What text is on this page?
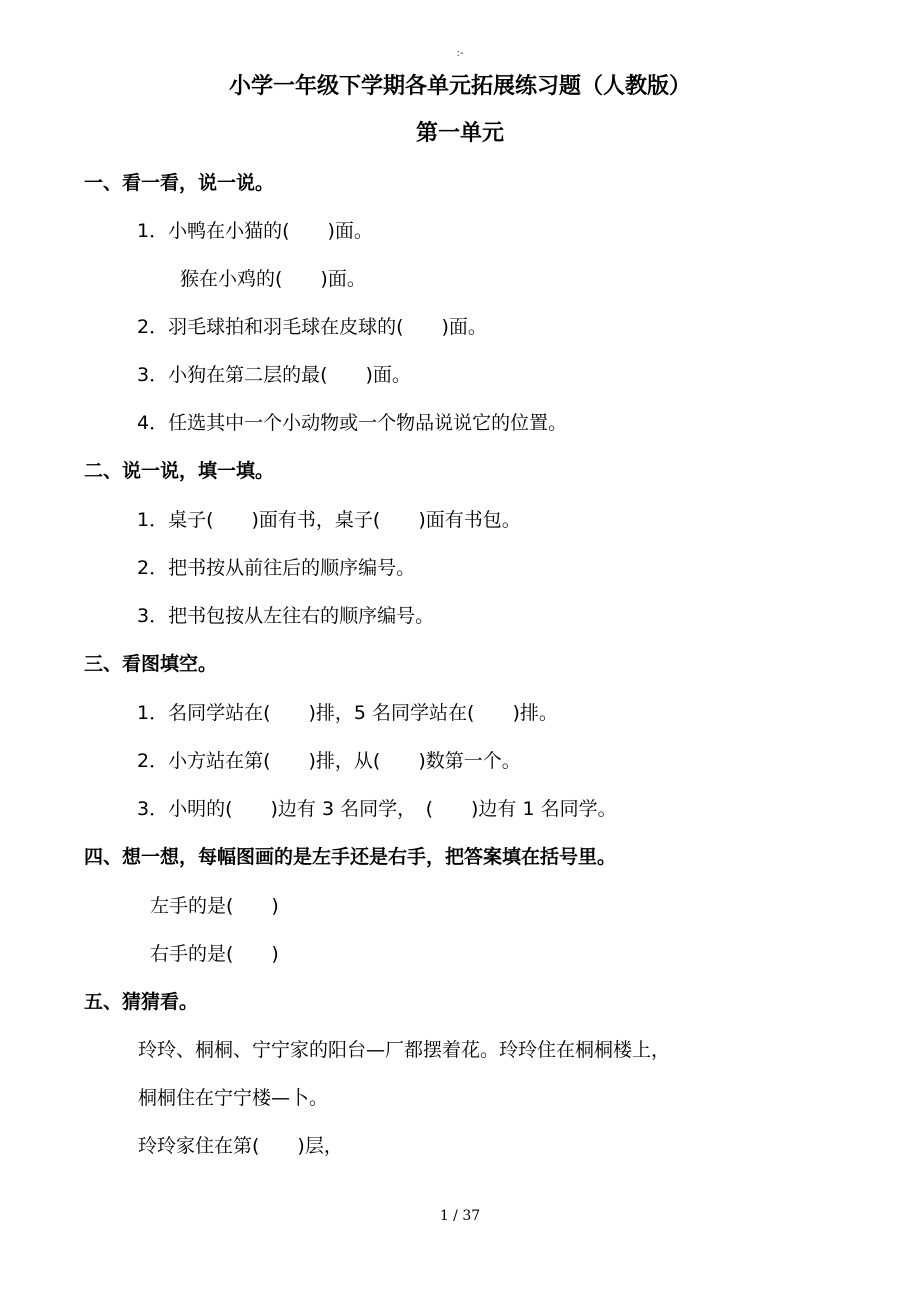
:-
小学一年级下学期各单元拓展练习题（人教版）
第一单元
一、看一看，说一说。
1．小鸭在小猫的(　　)面。
猴在小鸡的(　　)面。
2．羽毛球拍和羽毛球在皮球的(　　)面。
3．小狗在第二层的最(　　)面。
4．任选其中一个小动物或一个物品说说它的位置。
二、说一说，填一填。
1．桌子(　　)面有书，桌子(　　)面有书包。
2．把书按从前往后的顺序编号。
3．把书包按从左往右的顺序编号。
三、看图填空。
1．名同学站在(　　)排，5 名同学站在(　　)排。
2．小方站在第(　　)排，从(　　)数第一个。
3．小明的(　　)边有 3 名同学，　(　　)边有 1 名同学。
四、想一想，每幅图画的是左手还是右手，把答案填在括号里。
左手的是(　　)
右手的是(　　)
五、猜猜看。
玲玲、桐桐、宁宁家的阳台—厂都摆着花。玲玲住在桐桐楼上，
桐桐住在宁宁楼—卜。
玲玲家住在第(　　)层，
1 / 37
